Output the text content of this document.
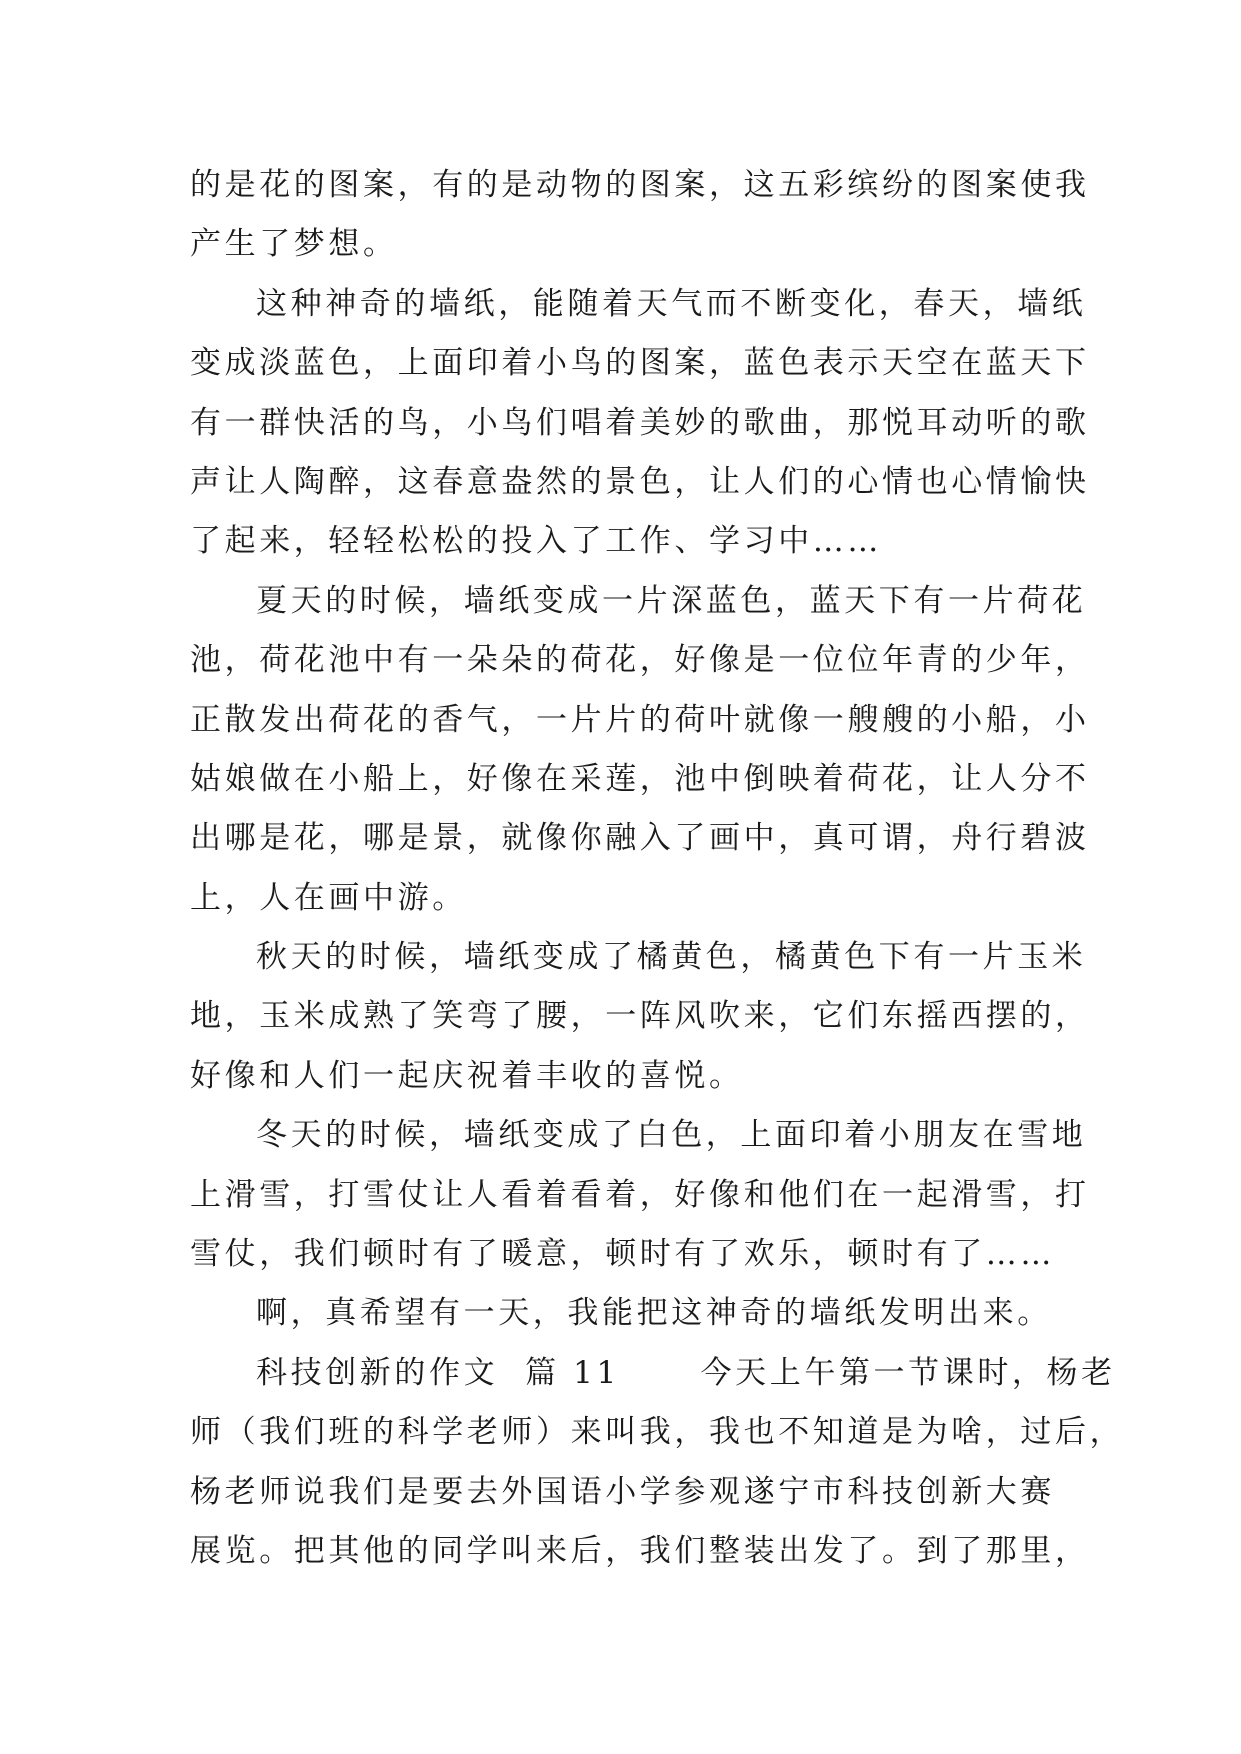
的是花的图案，有的是动物的图案，这五彩缤纷的图案使我
产生了梦想。
这种神奇的墙纸，能随着天气而不断变化，春天，墙纸
变成淡蓝色，上面印着小鸟的图案，蓝色表示天空在蓝天下
有一群快活的鸟，小鸟们唱着美妙的歌曲，那悦耳动听的歌
声让人陶醉，这春意盎然的景色，让人们的心情也心情愉快
了起来，轻轻松松的投入了工作、学习中……
夏天的时候，墙纸变成一片深蓝色，蓝天下有一片荷花
池，荷花池中有一朵朵的荷花，好像是一位位年青的少年，
正散发出荷花的香气，一片片的荷叶就像一艘艘的小船，小
姑娘做在小船上，好像在采莲，池中倒映着荷花，让人分不
出哪是花，哪是景，就像你融入了画中，真可谓，舟行碧波
上，人在画中游。
秋天的时候，墙纸变成了橘黄色，橘黄色下有一片玉米
地，玉米成熟了笑弯了腰，一阵风吹来，它们东摇西摆的，
好像和人们一起庆祝着丰收的喜悦。
冬天的时候，墙纸变成了白色，上面印着小朋友在雪地
上滑雪，打雪仗让人看着看着，好像和他们在一起滑雪，打
雪仗，我们顿时有了暖意，顿时有了欢乐，顿时有了……
啊，真希望有一天，我能把这神奇的墙纸发明出来。
科技创新的作文  篇 11      今天上午第一节课时，杨老
师（我们班的科学老师）来叫我，我也不知道是为啥，过后，
杨老师说我们是要去外国语小学参观遂宁市科技创新大赛
展览。把其他的同学叫来后，我们整装出发了。到了那里，
